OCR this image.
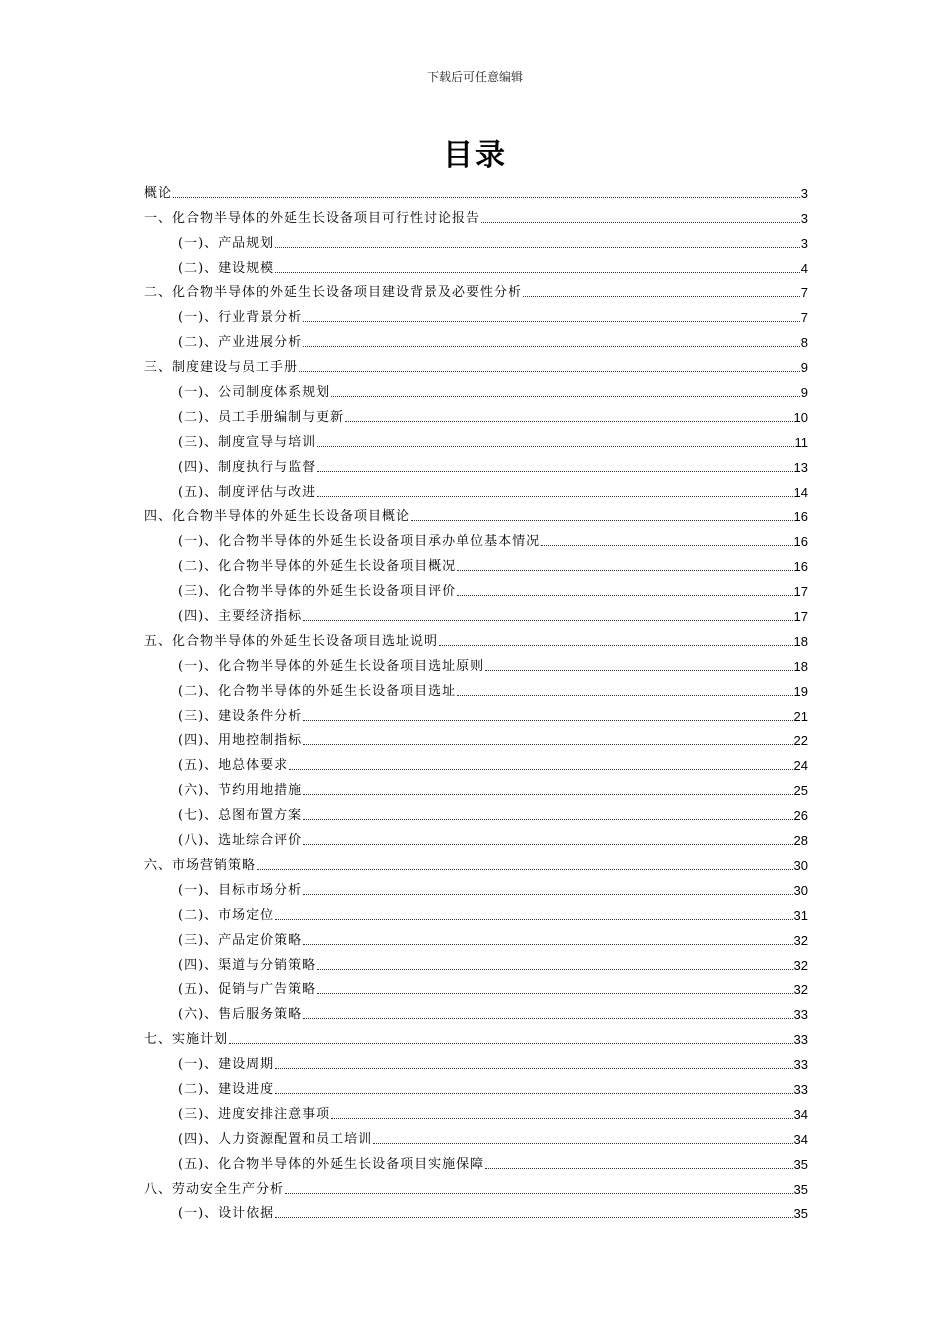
下载后可任意编辑
目录
概论	3
一、化合物半导体的外延生长设备项目可行性讨论报告	3
(一)、产品规划	3
(二)、建设规模	4
二、化合物半导体的外延生长设备项目建设背景及必要性分析	7
(一)、行业背景分析	7
(二)、产业进展分析	8
三、制度建设与员工手册	9
(一)、公司制度体系规划	9
(二)、员工手册编制与更新	10
(三)、制度宣导与培训	11
(四)、制度执行与监督	13
(五)、制度评估与改进	14
四、化合物半导体的外延生长设备项目概论	16
(一)、化合物半导体的外延生长设备项目承办单位基本情况	16
(二)、化合物半导体的外延生长设备项目概况	16
(三)、化合物半导体的外延生长设备项目评价	17
(四)、主要经济指标	17
五、化合物半导体的外延生长设备项目选址说明	18
(一)、化合物半导体的外延生长设备项目选址原则	18
(二)、化合物半导体的外延生长设备项目选址	19
(三)、建设条件分析	21
(四)、用地控制指标	22
(五)、地总体要求	24
(六)、节约用地措施	25
(七)、总图布置方案	26
(八)、选址综合评价	28
六、市场营销策略	30
(一)、目标市场分析	30
(二)、市场定位	31
(三)、产品定价策略	32
(四)、渠道与分销策略	32
(五)、促销与广告策略	32
(六)、售后服务策略	33
七、实施计划	33
(一)、建设周期	33
(二)、建设进度	33
(三)、进度安排注意事项	34
(四)、人力资源配置和员工培训	34
(五)、化合物半导体的外延生长设备项目实施保障	35
八、劳动安全生产分析	35
(一)、设计依据	35
